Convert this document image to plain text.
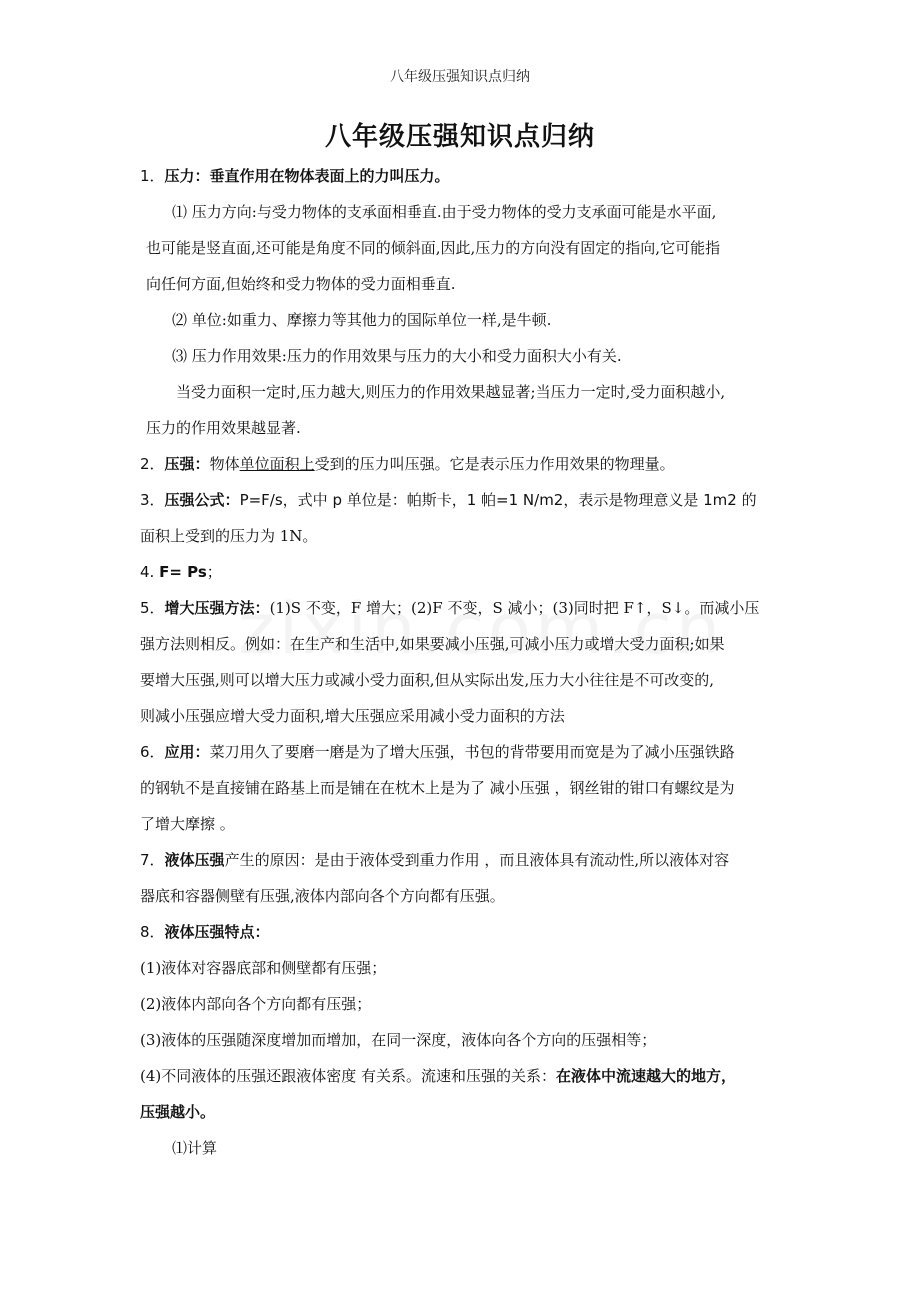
八年级压强知识点归纳
八年级压强知识点归纳
1．压力：垂直作用在物体表面上的力叫压力。
⑴ 压力方向:与受力物体的支承面相垂直.由于受力物体的受力支承面可能是水平面,
也可能是竖直面,还可能是角度不同的倾斜面,因此,压力的方向没有固定的指向,它可能指
向任何方面,但始终和受力物体的受力面相垂直.
⑵ 单位:如重力、摩擦力等其他力的国际单位一样,是牛顿.
⑶ 压力作用效果:压力的作用效果与压力的大小和受力面积大小有关.
当受力面积一定时,压力越大,则压力的作用效果越显著;当压力一定时,受力面积越小,
压力的作用效果越显著.
2．压强：物体单位面积上受到的压力叫压强。它是表示压力作用效果的物理量。
3．压强公式：P=F/s，式中 p 单位是：帕斯卡，1 帕=1 N/m2，表示是物理意义是 1m2 的
面积上受到的压力为 1N。
4. F= Ps；
5．增大压强方法：(1)S 不变，F 增大；(2)F 不变，S 减小；(3)同时把 F↑，S↓。而减小压
强方法则相反。例如：在生产和生活中,如果要减小压强,可减小压力或增大受力面积;如果
要增大压强,则可以增大压力或减小受力面积,但从实际出发,压力大小往往是不可改变的,
则减小压强应增大受力面积,增大压强应采用减小受力面积的方法
6．应用：菜刀用久了要磨一磨是为了增大压强，书包的背带要用而宽是为了减小压强铁路
的钢轨不是直接铺在路基上而是铺在在枕木上是为了 减小压强 ，钢丝钳的钳口有螺纹是为
了增大摩擦 。
7．液体压强产生的原因：是由于液体受到重力作用 ，而且液体具有流动性,所以液体对容
器底和容器侧壁有压强,液体内部向各个方向都有压强。
8．液体压强特点：
(1)液体对容器底部和侧壁都有压强；
(2)液体内部向各个方向都有压强；
(3)液体的压强随深度增加而增加，在同一深度，液体向各个方向的压强相等；
(4)不同液体的压强还跟液体密度 有关系。流速和压强的关系：在液体中流速越大的地方，
压强越小。
⑴计算
